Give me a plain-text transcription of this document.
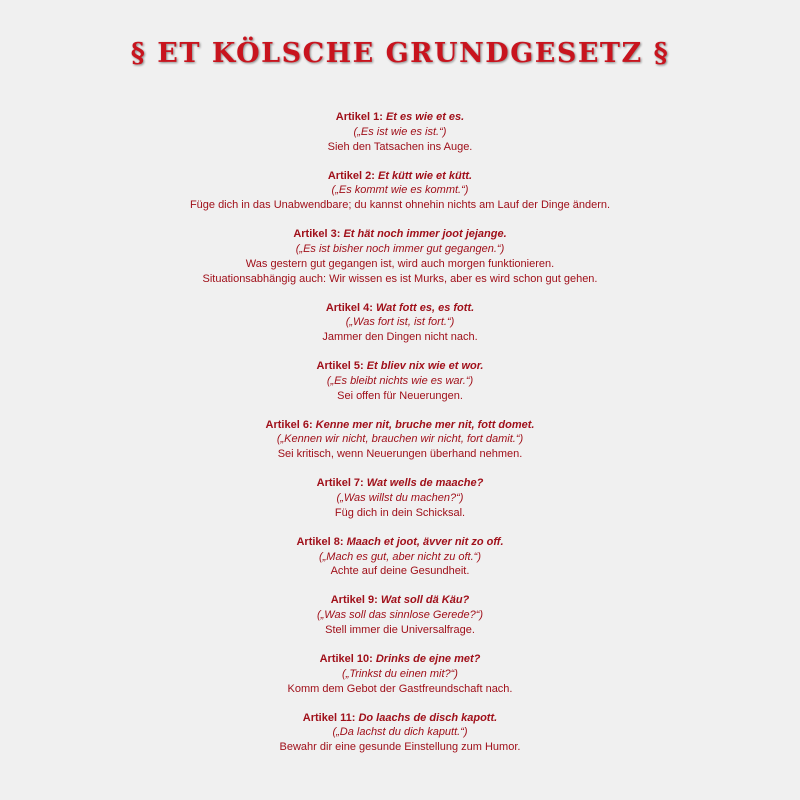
§ ET KÖLSCHE GRUNDGESETZ §
Artikel 1: Et es wie et es.
(„Es ist wie es ist.“)
Sieh den Tatsachen ins Auge.
Artikel 2: Et kütt wie et kütt.
(„Es kommt wie es kommt.“)
Füge dich in das Unabwendbare; du kannst ohnehin nichts am Lauf der Dinge ändern.
Artikel 3: Et hät noch immer joot jejange.
(„Es ist bisher noch immer gut gegangen.“)
Was gestern gut gegangen ist, wird auch morgen funktionieren.
Situationsabhängig auch: Wir wissen es ist Murks, aber es wird schon gut gehen.
Artikel 4: Wat fott es, es fott.
(„Was fort ist, ist fort.“)
Jammer den Dingen nicht nach.
Artikel 5: Et bliev nix wie et wor.
(„Es bleibt nichts wie es war.“)
Sei offen für Neuerungen.
Artikel 6: Kenne mer nit, bruche mer nit, fott domet.
(„Kennen wir nicht, brauchen wir nicht, fort damit.“)
Sei kritisch, wenn Neuerungen überhand nehmen.
Artikel 7: Wat wells de maache?
(„Was willst du machen?“)
Füg dich in dein Schicksal.
Artikel 8: Maach et joot, ävver nit zo off.
(„Mach es gut, aber nicht zu oft.“)
Achte auf deine Gesundheit.
Artikel 9: Wat soll dä Käu?
(„Was soll das sinnlose Gerede?“)
Stell immer die Universalfrage.
Artikel 10: Drinks de ejne met?
(„Trinkst du einen mit?“)
Komm dem Gebot der Gastfreundschaft nach.
Artikel 11: Do laachs de disch kapott.
(„Da lachst du dich kaputt.“)
Bewahr dir eine gesunde Einstellung zum Humor.
